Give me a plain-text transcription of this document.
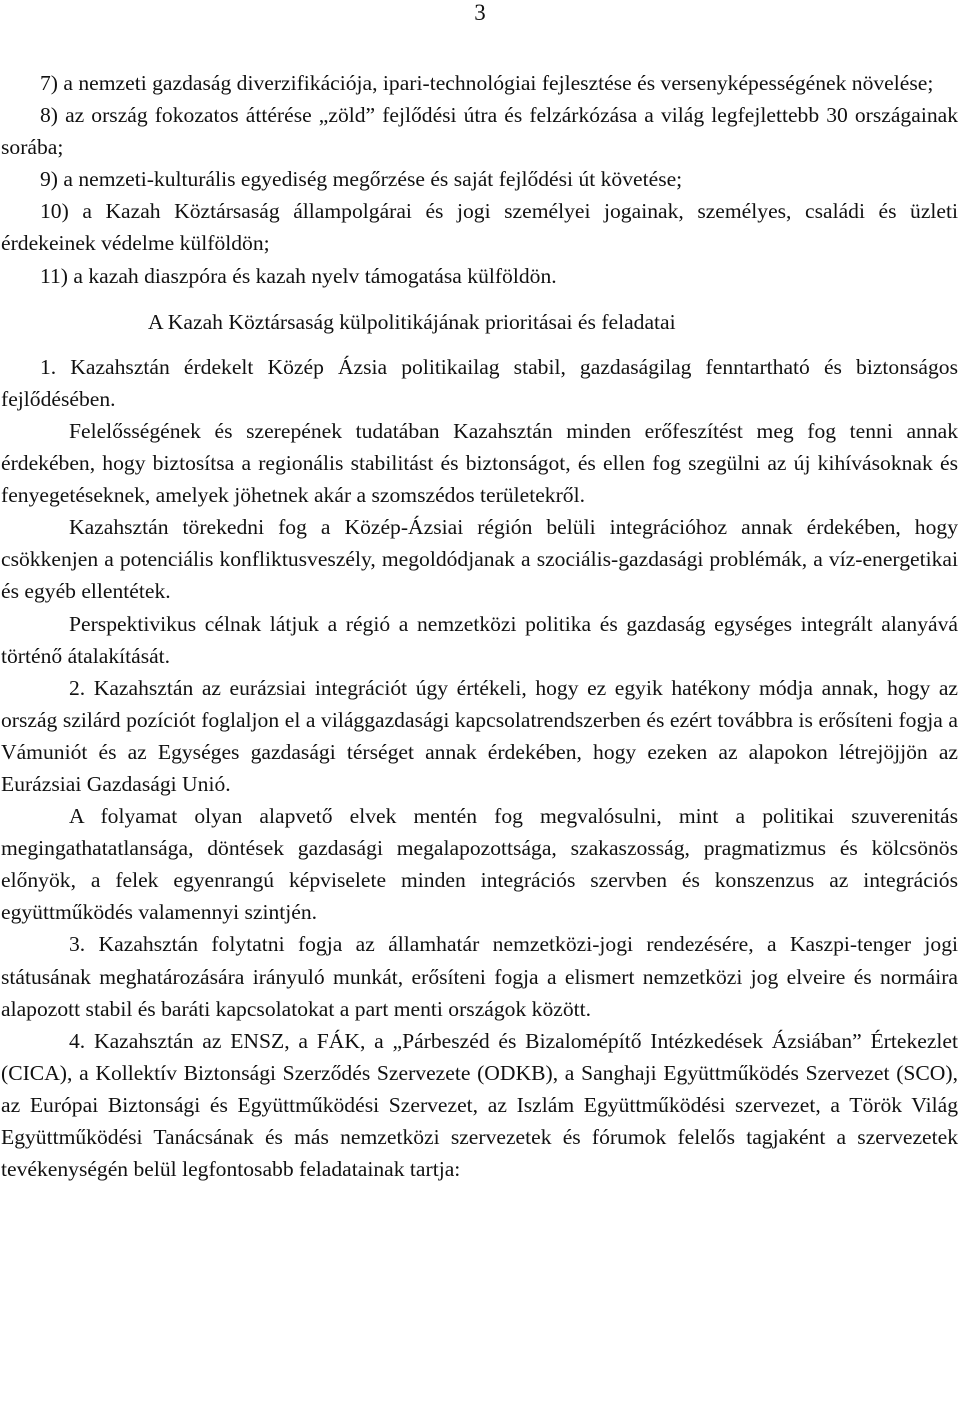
3

7) a nemzeti gazdaság diverzifikációja, ipari-technológiai fejlesztése és versenyképességének növelése;

8) az ország fokozatos áttérése „zöld” fejlődési útra és felzárkózása a világ legfejlettebb 30 országainak sorába;

9) a nemzeti-kulturális egyediség megőrzése és saját fejlődési út követése;

10) a Kazah Köztársaság állampolgárai és jogi személyei jogainak, személyes, családi és üzleti érdekeinek védelme külföldön;

11) a kazah diaszpóra és kazah nyelv támogatása külföldön.

A Kazah Köztársaság külpolitikájának prioritásai és feladatai

1. Kazahsztán érdekelt Közép Ázsia politikailag stabil, gazdaságilag fenntartható és biztonságos fejlődésében.

Felelősségének és szerepének tudatában Kazahsztán minden erőfeszítést meg fog tenni annak érdekében, hogy biztosítsa a regionális stabilitást és biztonságot, és ellen fog szegülni az új kihívásoknak és fenyegetéseknek, amelyek jöhetnek akár a szomszédos területekről.

Kazahsztán törekedni fog a Közép-Ázsiai régión belüli integrációhoz annak érdekében, hogy csökkenjen a potenciális konfliktusveszély, megoldódjanak a szociális-gazdasági problémák, a víz-energetikai és egyéb ellentétek.

Perspektivikus célnak látjuk a régió a nemzetközi politika és gazdaság egységes integrált alanyává történő átalakítását.

2. Kazahsztán az eurázsiai integrációt úgy értékeli, hogy ez egyik hatékony módja annak, hogy az ország szilárd pozíciót foglaljon el a világgazdasági kapcsolatrendszerben és ezért továbbra is erősíteni fogja a Vámuniót és az Egységes gazdasági térséget annak érdekében, hogy ezeken az alapokon létrejöjjön az Eurázsiai Gazdasági Unió.

A folyamat olyan alapvető elvek mentén fog megvalósulni, mint a politikai szuverenitás megingathatatlansága, döntések gazdasági megalapozottsága, szakaszosság, pragmatizmus és kölcsönös előnyök, a felek egyenrangú képviselete minden integrációs szervben és konszenzus az integrációs együttműködés valamennyi szintjén.

3. Kazahsztán folytatni fogja az államhatár nemzetközi-jogi rendezésére, a Kaszpi-tenger jogi státusának meghatározására irányuló munkát, erősíteni fogja a elismert nemzetközi jog elveire és normáira alapozott stabil és baráti kapcsolatokat a part menti országok között.

4. Kazahsztán az ENSZ, a FÁK, a „Párbeszéd és Bizalomépítő Intézkedések Ázsiában” Értekezlet (CICA), a Kollektív Biztonsági Szerződés Szervezete (ODKB), a Sanghaji Együttműködés Szervezet (SCO), az Európai Biztonsági és Együttműködési Szervezet, az Iszlám Együttműködési szervezet, a Török Világ Együttműködési Tanácsának és más nemzetközi szervezetek és fórumok felelős tagjaként a szervezetek tevékenységén belül legfontosabb feladatainak tartja:
